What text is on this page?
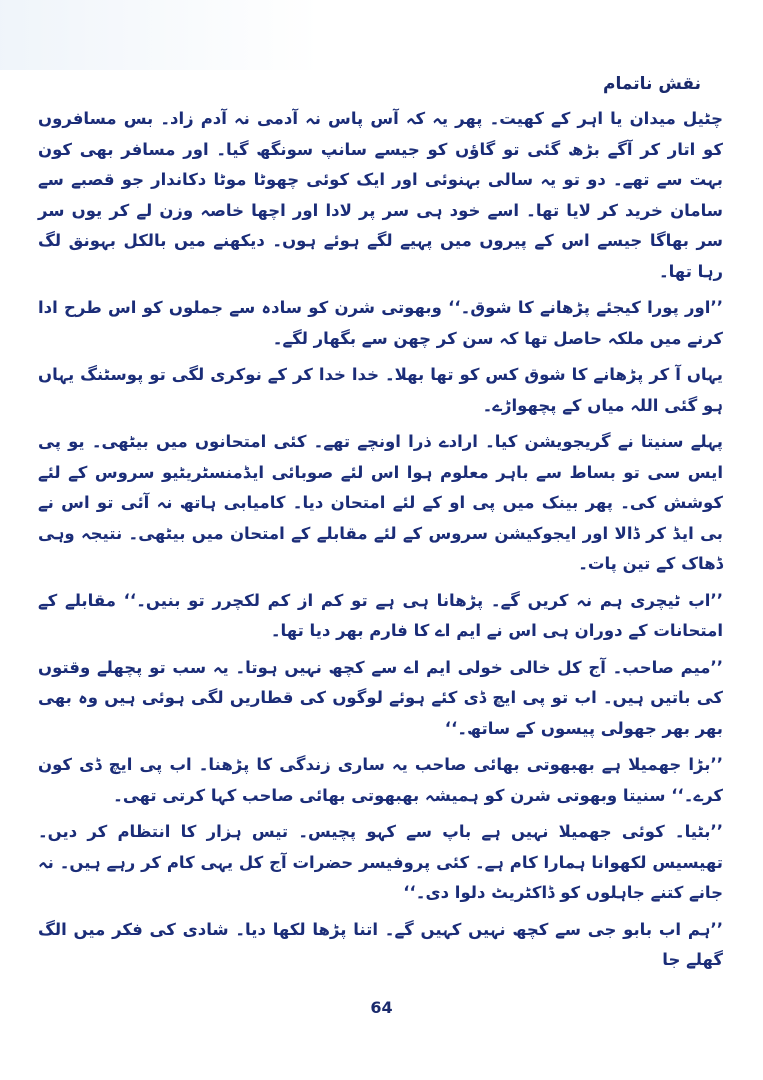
نقش ناتمام

چٹیل میدان یا اہر کے کھیت۔ پھر یہ کہ آس پاس نہ آدمی نہ آدم زاد۔ بس مسافروں کو اتار کر آگے بڑھ گئی تو گاؤں کو جیسے سانپ سونگھ گیا۔ اور مسافر بھی کون بہت سے تھے۔ دو تو یہ سالی بہنوئی اور ایک کوئی چھوٹا موٹا دکاندار جو قصبے سے سامان خرید کر لایا تھا۔ اسے خود ہی سر پر لادا اور اچھا خاصہ وزن لے کر یوں سر سر بھاگا جیسے اس کے پیروں میں پہیے لگے ہوئے ہوں۔ دیکھنے میں بالکل بہونق لگ رہا تھا۔

’’اور پورا کیجئے پڑھانے کا شوق۔‘‘ وبھوتی شرن کو سادہ سے جملوں کو اس طرح ادا کرنے میں ملکہ حاصل تھا کہ سن کر چھن سے بگھار لگے۔

یہاں آ کر پڑھانے کا شوق کس کو تھا بھلا۔ خدا خدا کر کے نوکری لگی تو پوسٹنگ یہاں ہو گئی اللہ میاں کے پچھواڑے۔

پہلے سنیتا نے گریجویشن کیا۔ ارادے ذرا اونچے تھے۔ کئی امتحانوں میں بیٹھی۔ یو پی ایس سی تو بساط سے باہر معلوم ہوا اس لئے صوبائی ایڈمنسٹریٹیو سروس کے لئے کوشش کی۔ پھر بینک میں پی او کے لئے امتحان دیا۔ کامیابی ہاتھ نہ آئی تو اس نے بی ایڈ کر ڈالا اور ایجوکیشن سروس کے لئے مقابلے کے امتحان میں بیٹھی۔ نتیجہ وہی ڈھاک کے تین پات۔

’’اب ٹیچری ہم نہ کریں گے۔ پڑھانا ہی ہے تو کم از کم لکچرر تو بنیں۔‘‘ مقابلے کے امتحانات کے دوران ہی اس نے ایم اے کا فارم بھر دیا تھا۔

’’میم صاحب۔ آج کل خالی خولی ایم اے سے کچھ نہیں ہوتا۔ یہ سب تو پچھلے وقتوں کی باتیں ہیں۔ اب تو پی ایچ ڈی کئے ہوئے لوگوں کی قطاریں لگی ہوئی ہیں وہ بھی بھر بھر جھولی پیسوں کے ساتھ۔‘‘

’’بڑا جھمیلا ہے بھبھوتی بھائی صاحب یہ ساری زندگی کا پڑھنا۔ اب پی ایچ ڈی کون کرے۔‘‘ سنیتا وبھوتی شرن کو ہمیشہ بھبھوتی بھائی صاحب کہا کرتی تھی۔

’’بٹیا۔ کوئی جھمیلا نہیں ہے باپ سے کہو پچیس۔ تیس ہزار کا انتظام کر دیں۔ تھیسیس لکھوانا ہمارا کام ہے۔ کئی پروفیسر حضرات آج کل یہی کام کر رہے ہیں۔ نہ جانے کتنے جاہلوں کو ڈاکٹریٹ دلوا دی۔‘‘

’’ہم اب بابو جی سے کچھ نہیں کہیں گے۔ اتنا پڑھا لکھا دیا۔ شادی کی فکر میں الگ گھلے جا

64
